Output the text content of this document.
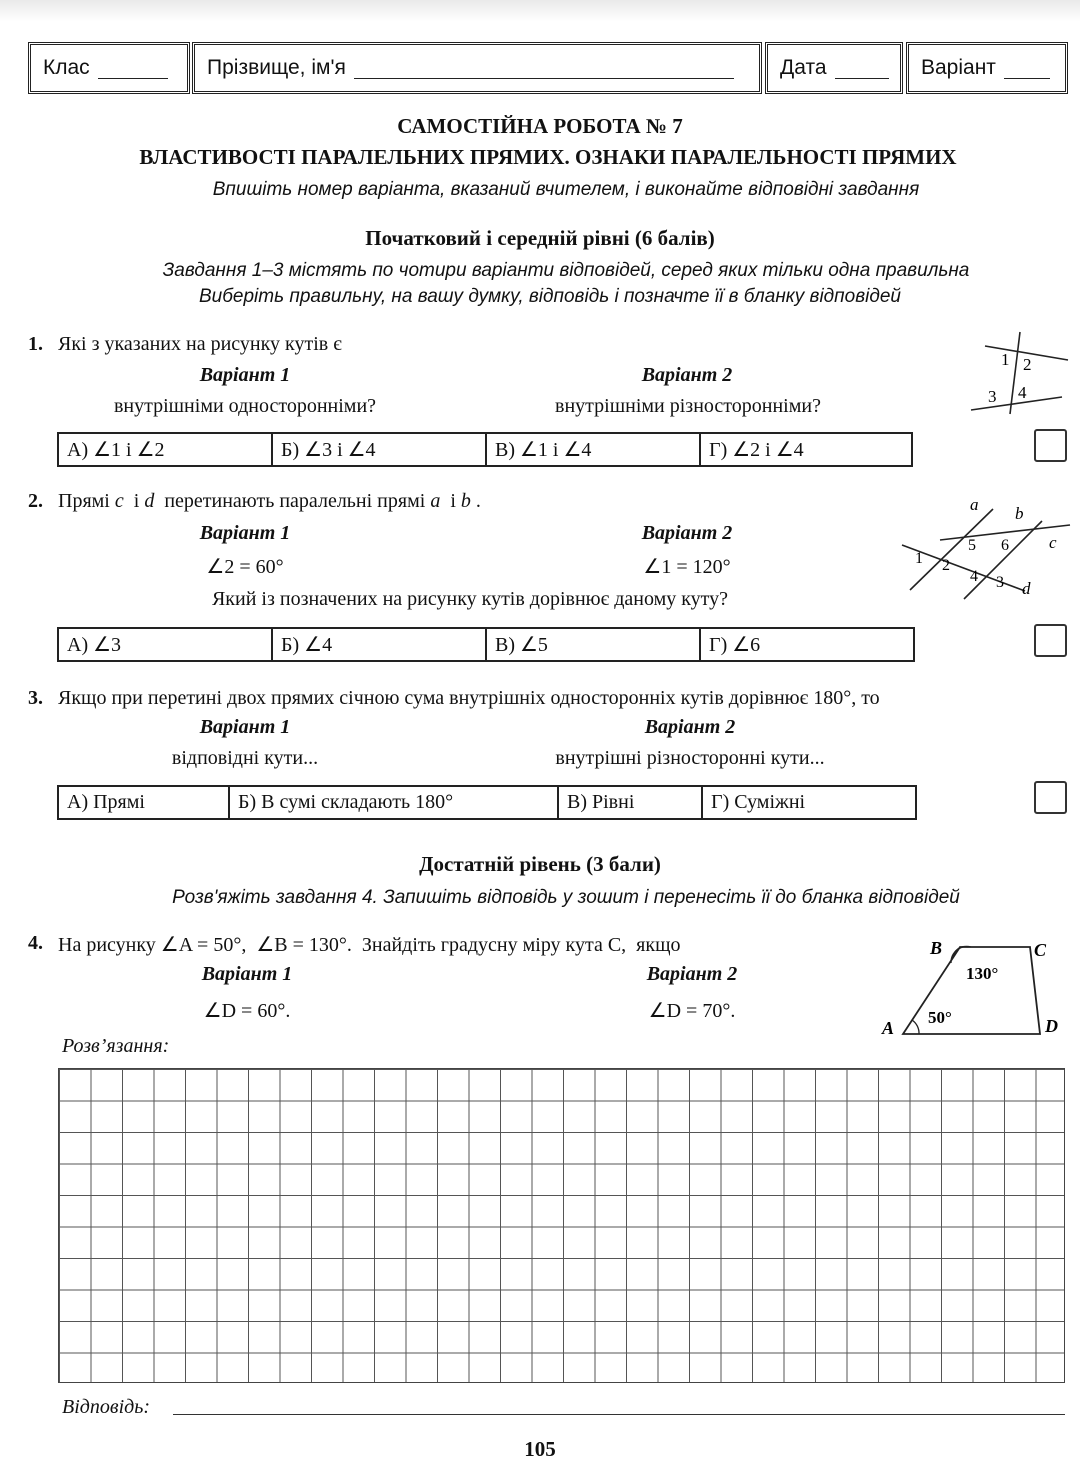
Клас	Прізвище, ім'я	Дата	Варіант
САМОСТІЙНА РОБОТА № 7
ВЛАСТИВОСТІ ПАРАЛЕЛЬНИХ ПРЯМИХ. ОЗНАКИ ПАРАЛЕЛЬНОСТІ ПРЯМИХ
Впишіть номер варіанта, вказаний вчителем, і виконайте відповідні завдання
Початковий і середній рівні (6 балів)
Завдання 1–3 містять по чотири варіанти відповідей, серед яких тільки одна правильна
Виберіть правильну, на вашу думку, відповідь і позначте її в бланку відповідей
1. Які з указаних на рисунку кутів є
Варіант 1
внутрішніми односторонніми?
Варіант 2
внутрішніми різносторонніми?
1 2
3 4
А) ∠1 і ∠2	Б) ∠3 і ∠4	В) ∠1 і ∠4	Г) ∠2 і ∠4
2. Прямі c і d перетинають паралельні прямі a і b .
Варіант 1
∠2 = 60°
Варіант 2
∠1 = 120°
Який із позначених на рисунку кутів дорівнює даному куту?
a b
c
d
1 2
3
4
5 6
А) ∠3	Б) ∠4	В) ∠5	Г) ∠6
3. Якщо при перетині двох прямих січною сума внутрішніх односторонніх кутів дорівнює 180°, то
Варіант 1
відповідні кути...
Варіант 2
внутрішні різносторонні кути...
А) Прямі	Б) В сумі складають 180°	В) Рівні	Г) Суміжні
Достатній рівень (3 бали)
Розв'яжіть завдання 4. Запишіть відповідь у зошит і перенесіть її до бланка відповідей
4. На рисунку ∠A = 50°,  ∠B = 130°.  Знайдіть градусну міру кута C,  якщо
Варіант 1
∠D = 60°.
Варіант 2
∠D = 70°.
A
B	C
D
130°
50°
Розв’язання:
Відповідь:
105
